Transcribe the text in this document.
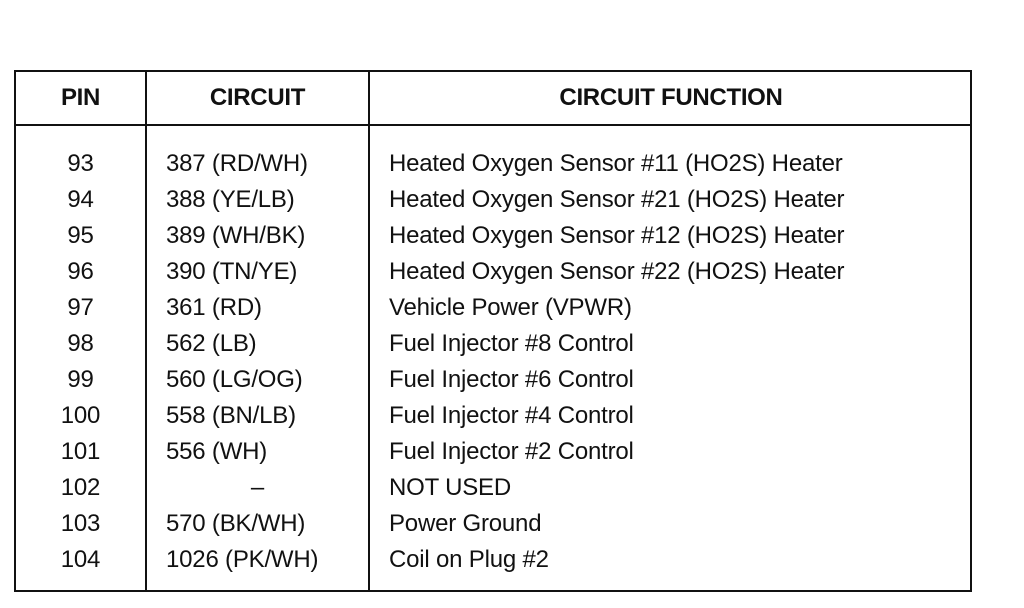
PIN	CIRCUIT	CIRCUIT FUNCTION
93	387 (RD/WH)	Heated Oxygen Sensor #11 (HO2S) Heater
94	388 (YE/LB)	Heated Oxygen Sensor #21 (HO2S) Heater
95	389 (WH/BK)	Heated Oxygen Sensor #12 (HO2S) Heater
96	390 (TN/YE)	Heated Oxygen Sensor #22 (HO2S) Heater
97	361 (RD)	Vehicle Power (VPWR)
98	562 (LB)	Fuel Injector #8 Control
99	560 (LG/OG)	Fuel Injector #6 Control
100	558 (BN/LB)	Fuel Injector #4 Control
101	556 (WH)	Fuel Injector #2 Control
102	–	NOT USED
103	570 (BK/WH)	Power Ground
104	1026 (PK/WH)	Coil on Plug #2
